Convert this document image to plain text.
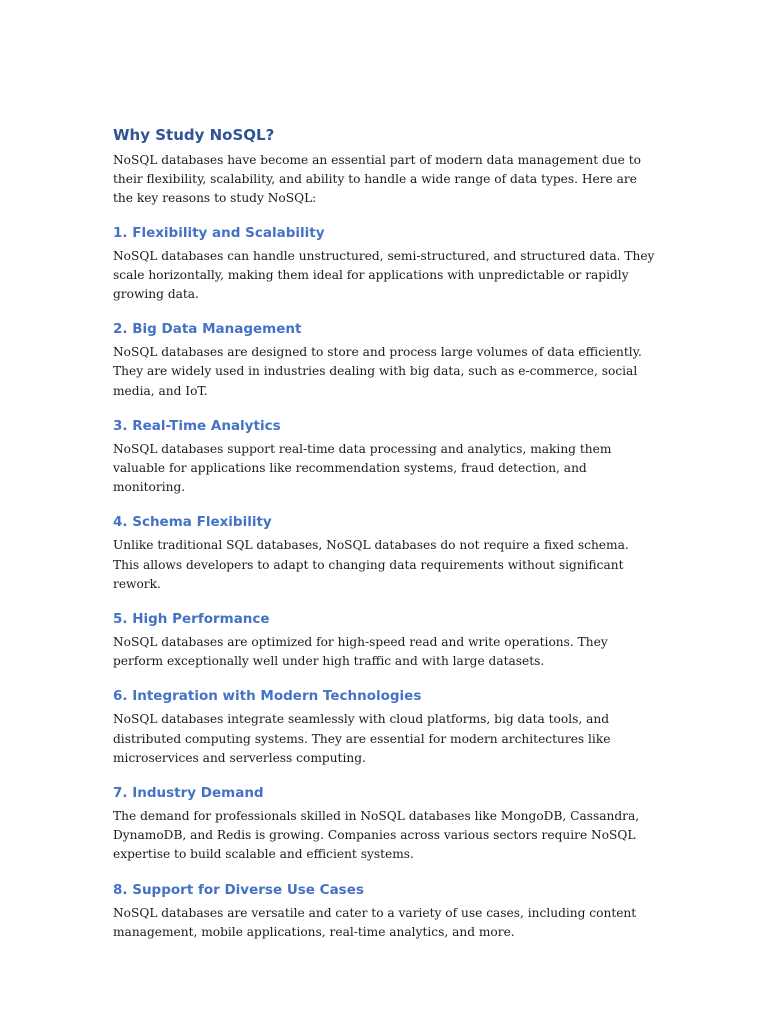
Why Study NoSQL?

NoSQL databases have become an essential part of modern data management due to their flexibility, scalability, and ability to handle a wide range of data types. Here are the key reasons to study NoSQL:

1. Flexibility and Scalability

NoSQL databases can handle unstructured, semi-structured, and structured data. They scale horizontally, making them ideal for applications with unpredictable or rapidly growing data.

2. Big Data Management

NoSQL databases are designed to store and process large volumes of data efficiently. They are widely used in industries dealing with big data, such as e-commerce, social media, and IoT.

3. Real-Time Analytics

NoSQL databases support real-time data processing and analytics, making them valuable for applications like recommendation systems, fraud detection, and monitoring.

4. Schema Flexibility

Unlike traditional SQL databases, NoSQL databases do not require a fixed schema. This allows developers to adapt to changing data requirements without significant rework.

5. High Performance

NoSQL databases are optimized for high-speed read and write operations. They perform exceptionally well under high traffic and with large datasets.

6. Integration with Modern Technologies

NoSQL databases integrate seamlessly with cloud platforms, big data tools, and distributed computing systems. They are essential for modern architectures like microservices and serverless computing.

7. Industry Demand

The demand for professionals skilled in NoSQL databases like MongoDB, Cassandra, DynamoDB, and Redis is growing. Companies across various sectors require NoSQL expertise to build scalable and efficient systems.

8. Support for Diverse Use Cases

NoSQL databases are versatile and cater to a variety of use cases, including content management, mobile applications, real-time analytics, and more.
